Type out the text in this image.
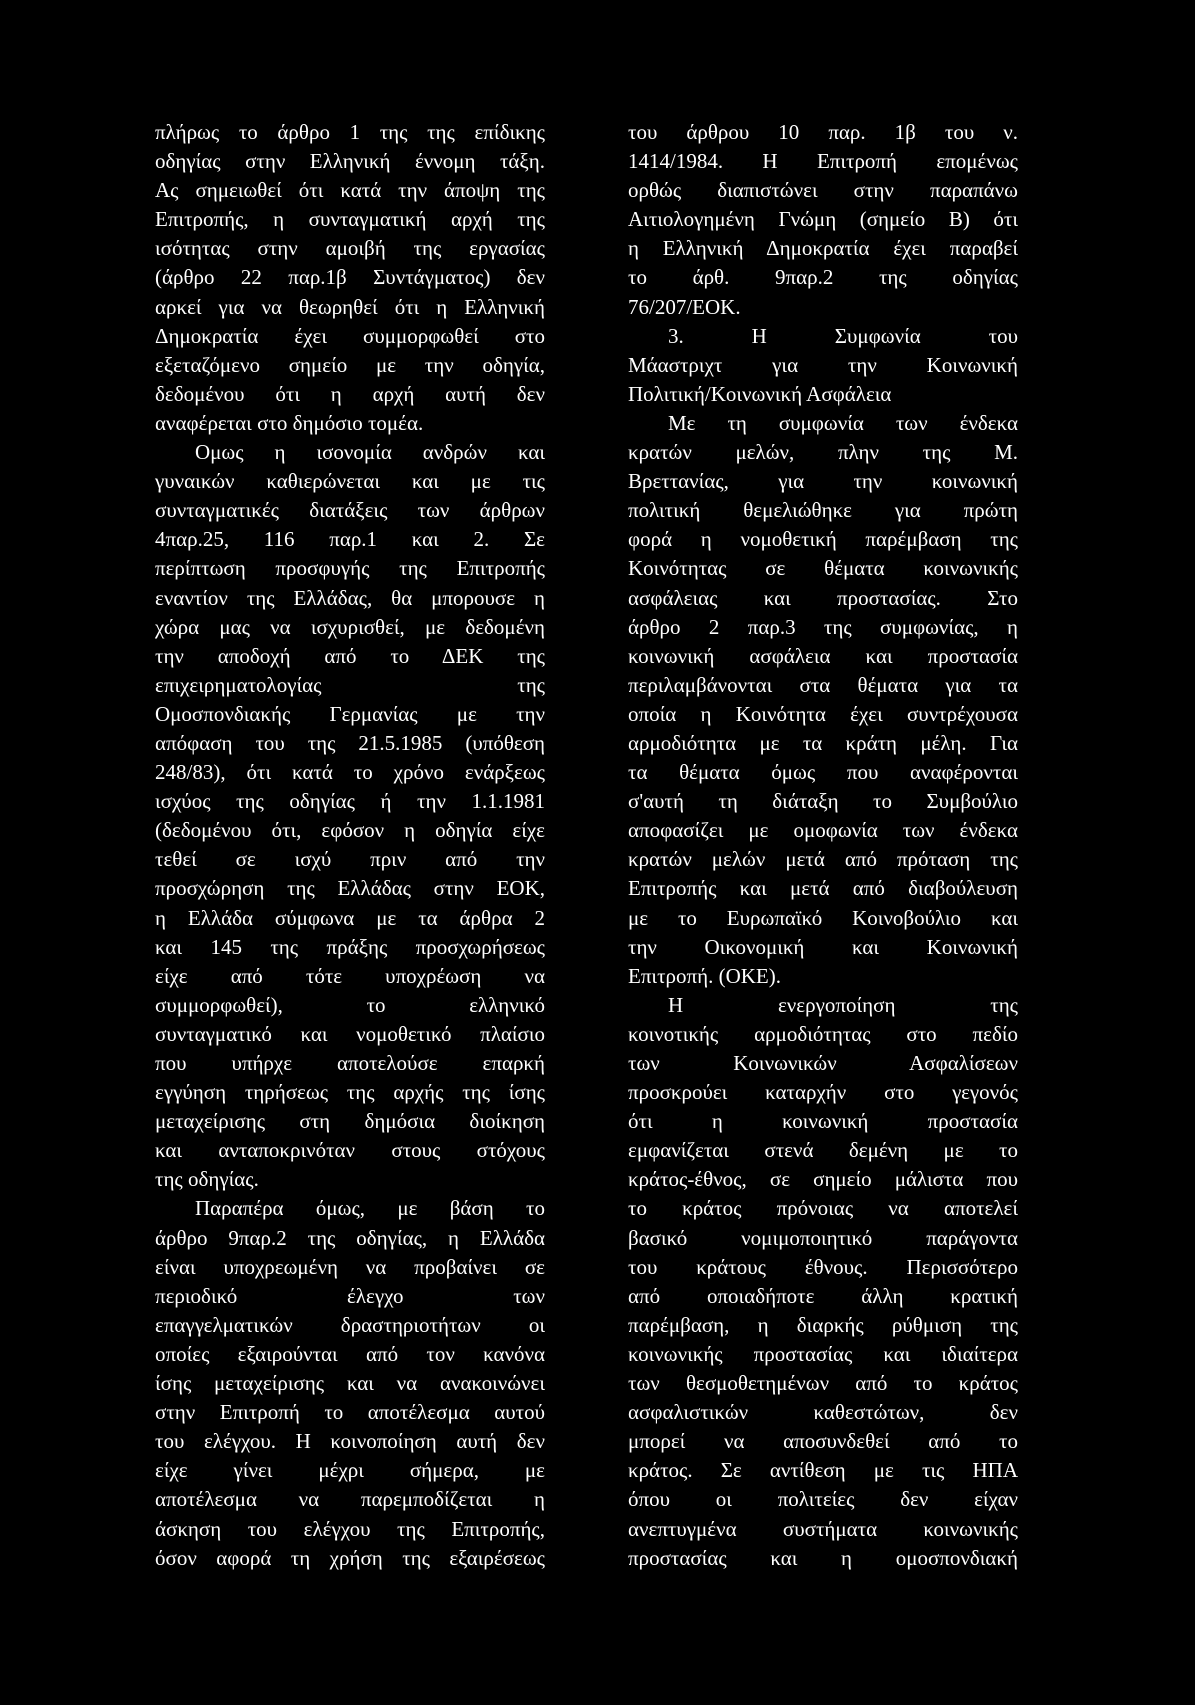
πλήρως το άρθρο 1 της της επίδικης
οδηγίας στην Ελληνική έννομη τάξη.
Ας σημειωθεί ότι κατά την άποψη της
Επιτροπής, η συνταγματική αρχή της
ισότητας στην αμοιβή της εργασίας
(άρθρο 22 παρ.1β Συντάγματος) δεν
αρκεί για να θεωρηθεί ότι η Ελληνική
Δημοκρατία έχει συμμορφωθεί στο
εξεταζόμενο σημείο με την οδηγία,
δεδομένου ότι η αρχή αυτή δεν
αναφέρεται στο δημόσιο τομέα.
Ομως η ισονομία ανδρών και
γυναικών καθιερώνεται και με τις
συνταγματικές διατάξεις των άρθρων
4παρ.25, 116 παρ.1 και 2. Σε
περίπτωση προσφυγής της Επιτροπής
εναντίον της Ελλάδας, θα μπορουσε η
χώρα μας να ισχυρισθεί, με δεδομένη
την αποδοχή από το ΔΕΚ της
επιχειρηματολογίας της
Ομοσπονδιακής Γερμανίας με την
απόφαση του της 21.5.1985 (υπόθεση
248/83), ότι κατά το χρόνο ενάρξεως
ισχύος της οδηγίας ή την 1.1.1981
(δεδομένου ότι, εφόσον η οδηγία είχε
τεθεί σε ισχύ πριν από την
προσχώρηση της Ελλάδας στην ΕΟΚ,
η Ελλάδα σύμφωνα με τα άρθρα 2
και 145 της πράξης προσχωρήσεως
είχε από τότε υποχρέωση να
συμμορφωθεί), το ελληνικό
συνταγματικό και νομοθετικό πλαίσιο
που υπήρχε αποτελούσε επαρκή
εγγύηση τηρήσεως της αρχής της ίσης
μεταχείρισης στη δημόσια διοίκηση
και ανταποκρινόταν στους στόχους
της οδηγίας.
Παραπέρα όμως, με βάση το
άρθρο 9παρ.2 της οδηγίας, η Ελλάδα
είναι υποχρεωμένη να προβαίνει σε
περιοδικό έλεγχο των
επαγγελματικών δραστηριοτήτων οι
οποίες εξαιρούνται από τον κανόνα
ίσης μεταχείρισης και να ανακοινώνει
στην Επιτροπή το αποτέλεσμα αυτού
του ελέγχου. Η κοινοποίηση αυτή δεν
είχε γίνει μέχρι σήμερα, με
αποτέλεσμα να παρεμποδίζεται η
άσκηση του ελέγχου της Επιτροπής,
όσον αφορά τη χρήση της εξαιρέσεως
του άρθρου 10 παρ. 1β του ν.
1414/1984. Η Επιτροπή επομένως
ορθώς διαπιστώνει στην παραπάνω
Αιτιολογημένη Γνώμη (σημείο Β) ότι
η Ελληνική Δημοκρατία έχει παραβεί
το άρθ. 9παρ.2 της οδηγίας
76/207/ΕΟΚ.
3. Η Συμφωνία του
Μάαστριχτ για την Κοινωνική
Πολιτική/Κοινωνική Ασφάλεια
Με τη συμφωνία των ένδεκα
κρατών μελών, πλην της Μ.
Βρεττανίας, για την κοινωνική
πολιτική θεμελιώθηκε για πρώτη
φορά η νομοθετική παρέμβαση της
Κοινότητας σε θέματα κοινωνικής
ασφάλειας και προστασίας. Στο
άρθρο 2 παρ.3 της συμφωνίας, η
κοινωνική ασφάλεια και προστασία
περιλαμβάνονται στα θέματα για τα
οποία η Κοινότητα έχει συντρέχουσα
αρμοδιότητα με τα κράτη μέλη. Για
τα θέματα όμως που αναφέρονται
σ'αυτή τη διάταξη το Συμβούλιο
αποφασίζει με ομοφωνία των ένδεκα
κρατών μελών μετά από πρόταση της
Επιτροπής και μετά από διαβούλευση
με το Ευρωπαϊκό Κοινοβούλιο και
την Οικονομική και Κοινωνική
Επιτροπή. (ΟΚΕ).
Η ενεργοποίηση της
κοινοτικής αρμοδιότητας στο πεδίο
των Κοινωνικών Ασφαλίσεων
προσκρούει καταρχήν στο γεγονός
ότι η κοινωνική προστασία
εμφανίζεται στενά δεμένη με το
κράτος-έθνος, σε σημείο μάλιστα που
το κράτος πρόνοιας να αποτελεί
βασικό νομιμοποιητικό παράγοντα
του κράτους έθνους. Περισσότερο
από οποιαδήποτε άλλη κρατική
παρέμβαση, η διαρκής ρύθμιση της
κοινωνικής προστασίας και ιδιαίτερα
των θεσμοθετημένων από το κράτος
ασφαλιστικών καθεστώτων, δεν
μπορεί να αποσυνδεθεί από το
κράτος. Σε αντίθεση με τις ΗΠΑ
όπου οι πολιτείες δεν είχαν
ανεπτυγμένα συστήματα κοινωνικής
προστασίας και η ομοσπονδιακή
